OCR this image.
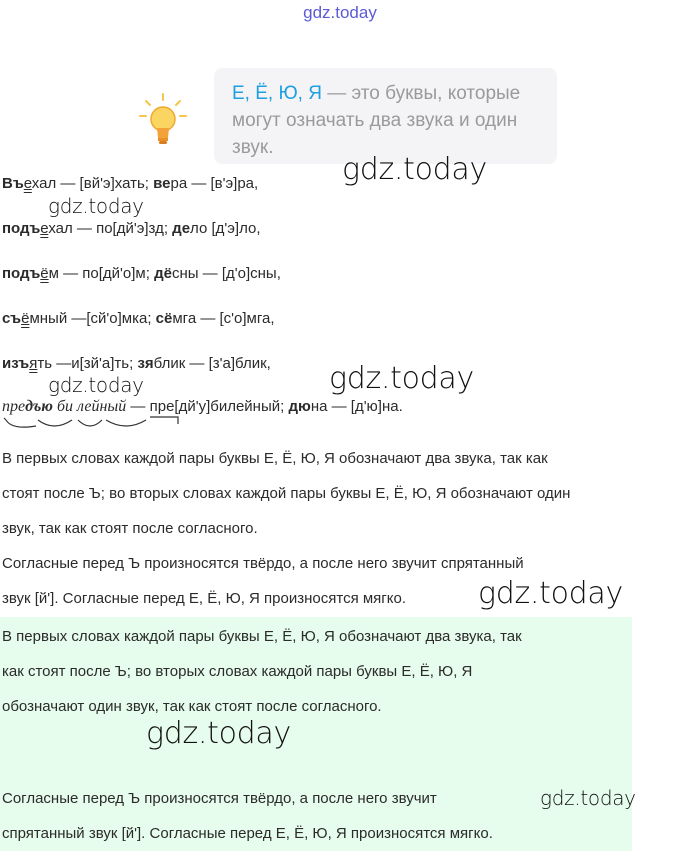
gdz.today
Е, Ё, Ю, Я — это буквы, которые могут означать два звука и один звук.
gdz.today
gdz.today
gdz.today
gdz.today
gdz.today
Въехал — [вй'э]хать; вера — [в'э]ра,
подъехал — по[дй'э]зд; дело [д'э]ло,
подъём — по[дй'о]м; дёсны — [д'о]сны,
съёмный —[сй'о]мка; сёмга — [с'о]мга,
изъять —и[зй'а]ть; зяблик — [з'а]блик,
предъю би лейный — пре[дй'у]билейный; дюна — [д'ю]на.
В первых словах каждой пары буквы Е, Ё, Ю, Я обозначают два звука, так как
стоят после Ъ; во вторых словах каждой пары буквы Е, Ё, Ю, Я обозначают один
звук, так как стоят после согласного.
Согласные перед Ъ произносятся твёрдо, а после него звучит спрятанный
звук [й']. Согласные перед Е, Ё, Ю, Я произносятся мягко.
В первых словах каждой пары буквы Е, Ё, Ю, Я обозначают два звука, так
как стоят после Ъ; во вторых словах каждой пары буквы Е, Ё, Ю, Я
обозначают один звук, так как стоят после согласного.
gdz.today
Согласные перед Ъ произносятся твёрдо, а после него звучит	gdz.today
спрятанный звук [й']. Согласные перед Е, Ё, Ю, Я произносятся мягко.
